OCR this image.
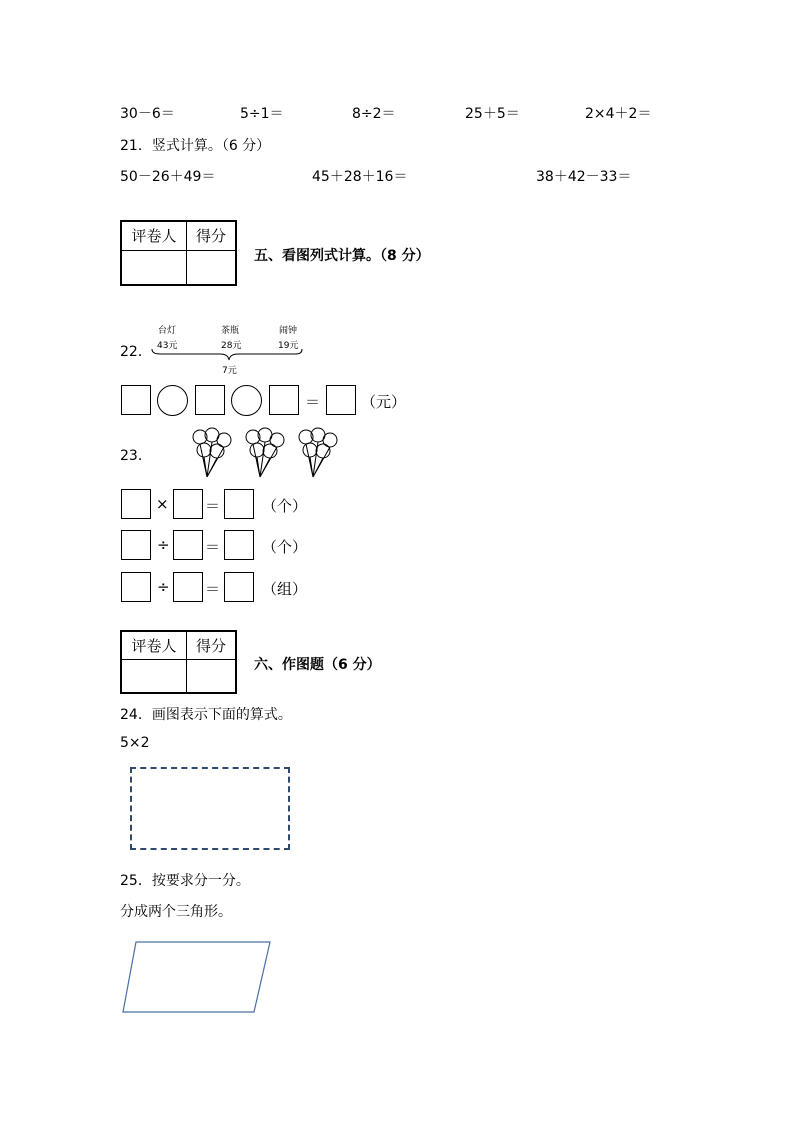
30－6＝	5÷1＝	8÷2＝	25＋5＝	2×4＋2＝
21．竖式计算。（6 分）
50－26＋49＝	45＋28＋16＝	38＋42－33＝
评卷人	得分

五、看图列式计算。（8 分）
22．
台灯
43元
茶瓶
28元
闹钟
19元
7元
＝	（元）
23．
× ＝	（个）
÷ ＝	（个）
÷ ＝	（组）
评卷人	得分

六、作图题（6 分）
24．画图表示下面的算式。
5×2
25．按要求分一分。
分成两个三角形。
